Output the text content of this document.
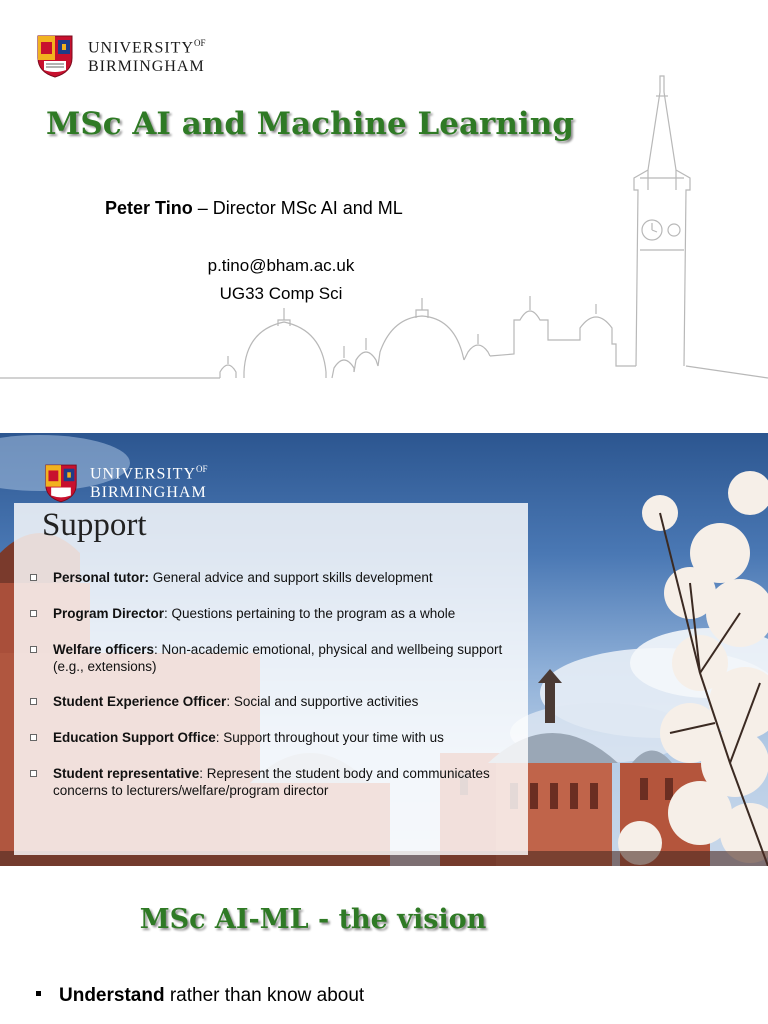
$UNIVERSITY^{OF}$
BIRMINGHAM
MSc AI and Machine Learning
Peter Tino – Director MSc AI and ML
p.tino@bham.ac.uk
UG33 Comp Sci
$UNIVERSITY^{OF}$
BIRMINGHAM
Support
Personal tutor: General advice and support skills development
Program Director: Questions pertaining to the program as a whole
Welfare officers: Non-academic emotional, physical and wellbeing support (e.g., extensions)
Student Experience Officer: Social and supportive activities
Education Support Office: Support throughout your time with us
Student representative: Represent the student body and communicates concerns to lecturers/welfare/program director
MSc AI-ML - the vision
Understand rather than know about
